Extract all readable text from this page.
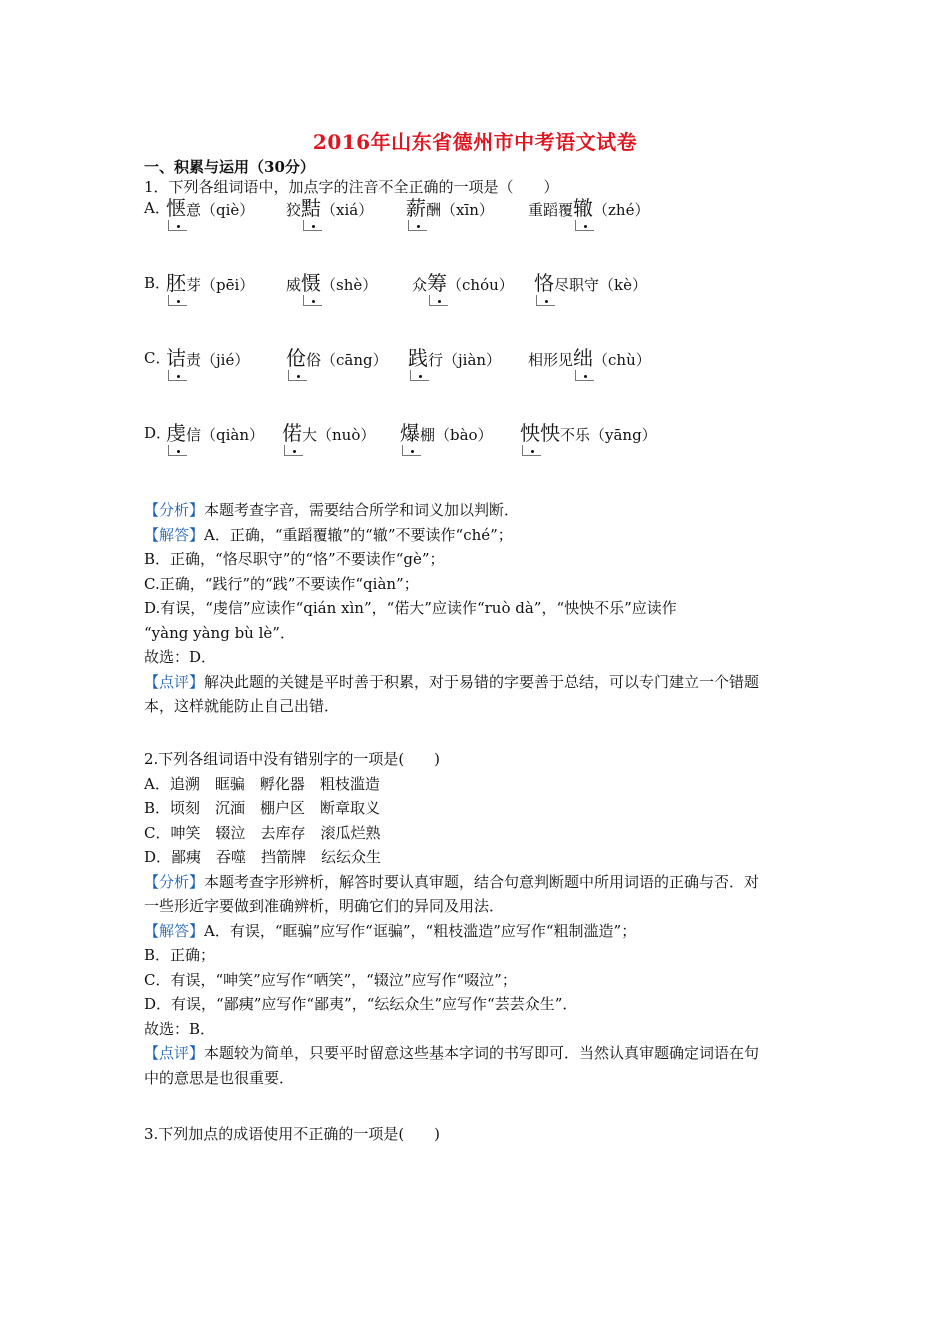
2016年山东省德州市中考语文试卷
一、积累与运用（30分）
1．下列各组词语中，加点字的注音不全正确的一项是（　　）
A．
惬意（qiè） 狡黠（xiá） 薪酬（xīn） 重蹈覆辙（zhé）
B．
胚芽（pēi） 威慑（shè） 众筹（chóu） 恪尽职守（kè）
C．
诘责（jié） 伧俗（cāng） 践行（jiàn） 相形见绌（chù）
D．
虔信（qiàn） 偌大（nuò） 爆棚（bào） 怏怏不乐（yāng）
【分析】本题考查字音，需要结合所学和词义加以判断．
【解答】A．正确，“重蹈覆辙”的“辙”不要读作“ché”；
B．正确，“恪尽职守”的“恪”不要读作“gè”；
C.正确，“践行”的“践”不要读作“qiàn”；
D.有误，“虔信”应读作“qián xìn”，“偌大”应读作“ruò dà”，“怏怏不乐”应读作
“yàng yàng bù lè”．
故选：D．
【点评】解决此题的关键是平时善于积累，对于易错的字要善于总结，可以专门建立一个错题
本，这样就能防止自己出错．
2.下列各组词语中没有错别字的一项是(　　)
A．追溯　眶骗　孵化器　粗枝滥造
B．顷刻　沉湎　棚户区　断章取义
C．呻笑　辍泣　去库存　滚瓜烂熟
D．鄙痍　吞噬　挡箭牌　纭纭众生
【分析】本题考查字形辨析，解答时要认真审题，结合句意判断题中所用词语的正确与否．对
一些形近字要做到准确辨析，明确它们的异同及用法．
【解答】A．有误，“眶骗”应写作“诓骗”，“粗枝滥造”应写作“粗制滥造”；
B．正确；
C．有误，“呻笑”应写作“哂笑”，“辍泣”应写作“啜泣”；
D．有误，“鄙痍”应写作“鄙夷”，“纭纭众生”应写作“芸芸众生”．
故选：B．
【点评】本题较为简单，只要平时留意这些基本字词的书写即可．当然认真审题确定词语在句
中的意思是也很重要．
3.下列加点的成语使用不正确的一项是(　　)
